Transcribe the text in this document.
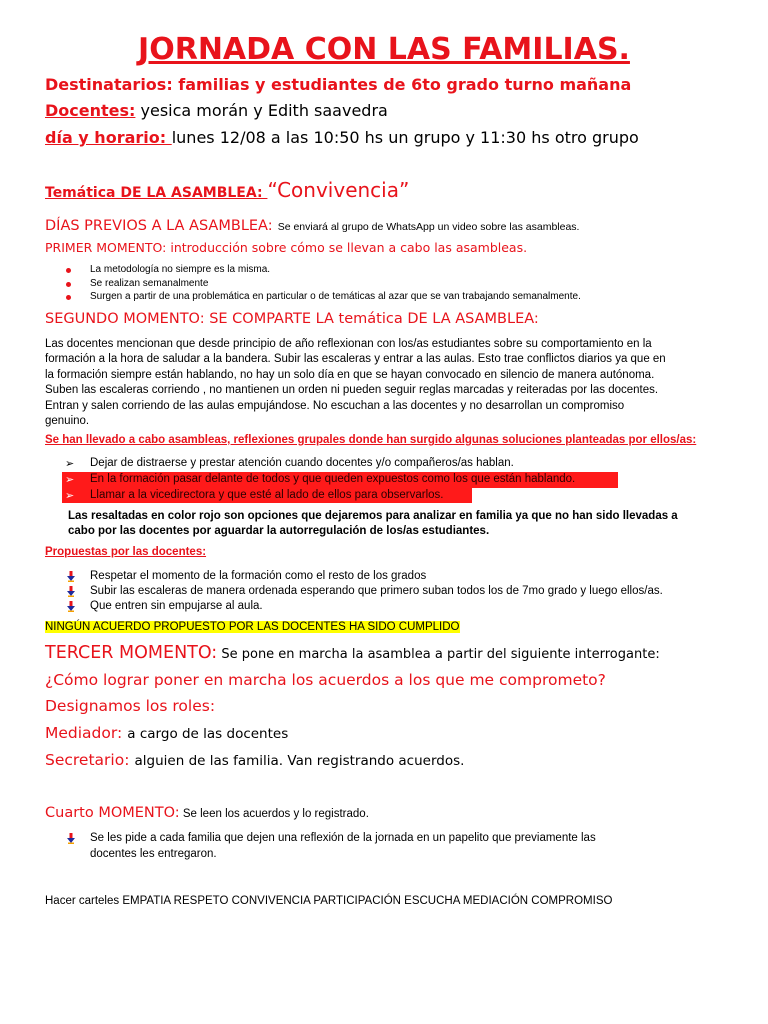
JORNADA CON LAS FAMILIAS.
Destinatarios: familias y estudiantes de 6to grado turno mañana
Docentes: yesica morán y Edith saavedra
día y horario: lunes 12/08 a las 10:50 hs un grupo y 11:30 hs otro grupo
Temática DE LA ASAMBLEA: “Convivencia”
DÍAS PREVIOS A LA ASAMBLEA: Se enviará al grupo de WhatsApp un video sobre las asambleas.
PRIMER MOMENTO: introducción sobre cómo se llevan a cabo las asambleas.
La metodología no siempre es la misma.
Se realizan semanalmente
Surgen a partir de una problemática en particular o de temáticas al azar que se van trabajando semanalmente.
SEGUNDO MOMENTO: SE COMPARTE LA temática DE LA ASAMBLEA:
Las docentes mencionan que desde principio de año reflexionan con los/as estudiantes sobre su comportamiento en la
formación a la hora de saludar a la bandera. Subir las escaleras y entrar a las aulas. Esto trae conflictos diarios ya que en
la formación siempre están hablando, no hay un solo día en que se hayan convocado en silencio de manera autónoma.
Suben las escaleras corriendo , no mantienen un orden ni pueden seguir reglas marcadas y reiteradas por las docentes.
Entran y salen corriendo de las aulas empujándose. No escuchan a las docentes y no desarrollan un compromiso
genuino.
Se han llevado a cabo asambleas, reflexiones grupales donde han surgido algunas soluciones planteadas por ellos/as:
➢ Dejar de distraerse y prestar atención cuando docentes y/o compañeros/as hablan.
➢ En la formación pasar delante de todos y que queden expuestos como los que están hablando.
➢ Llamar a la vicedirectora y que esté al lado de ellos para observarlos.
Las resaltadas en color rojo son opciones que dejaremos para analizar en familia ya que no han sido llevadas a
cabo por las docentes por aguardar la autorregulación de los/as estudiantes.
Propuestas por las docentes:
Respetar el momento de la formación como el resto de los grados
Subir las escaleras de manera ordenada esperando que primero suban todos los de 7mo grado y luego ellos/as.
Que entren sin empujarse al aula.
NINGÚN ACUERDO PROPUESTO POR LAS DOCENTES HA SIDO CUMPLIDO
TERCER MOMENTO: Se pone en marcha la asamblea a partir del siguiente interrogante:
¿Cómo lograr poner en marcha los acuerdos a los que me comprometo?
Designamos los roles:
Mediador: a cargo de las docentes
Secretario: alguien de las familia. Van registrando acuerdos.
Cuarto MOMENTO: Se leen los acuerdos y lo registrado.
Se les pide a cada familia que dejen una reflexión de la jornada en un papelito que previamente las
docentes les entregaron.
Hacer carteles EMPATIA RESPETO CONVIVENCIA PARTICIPACIÓN ESCUCHA MEDIACIÓN COMPROMISO
